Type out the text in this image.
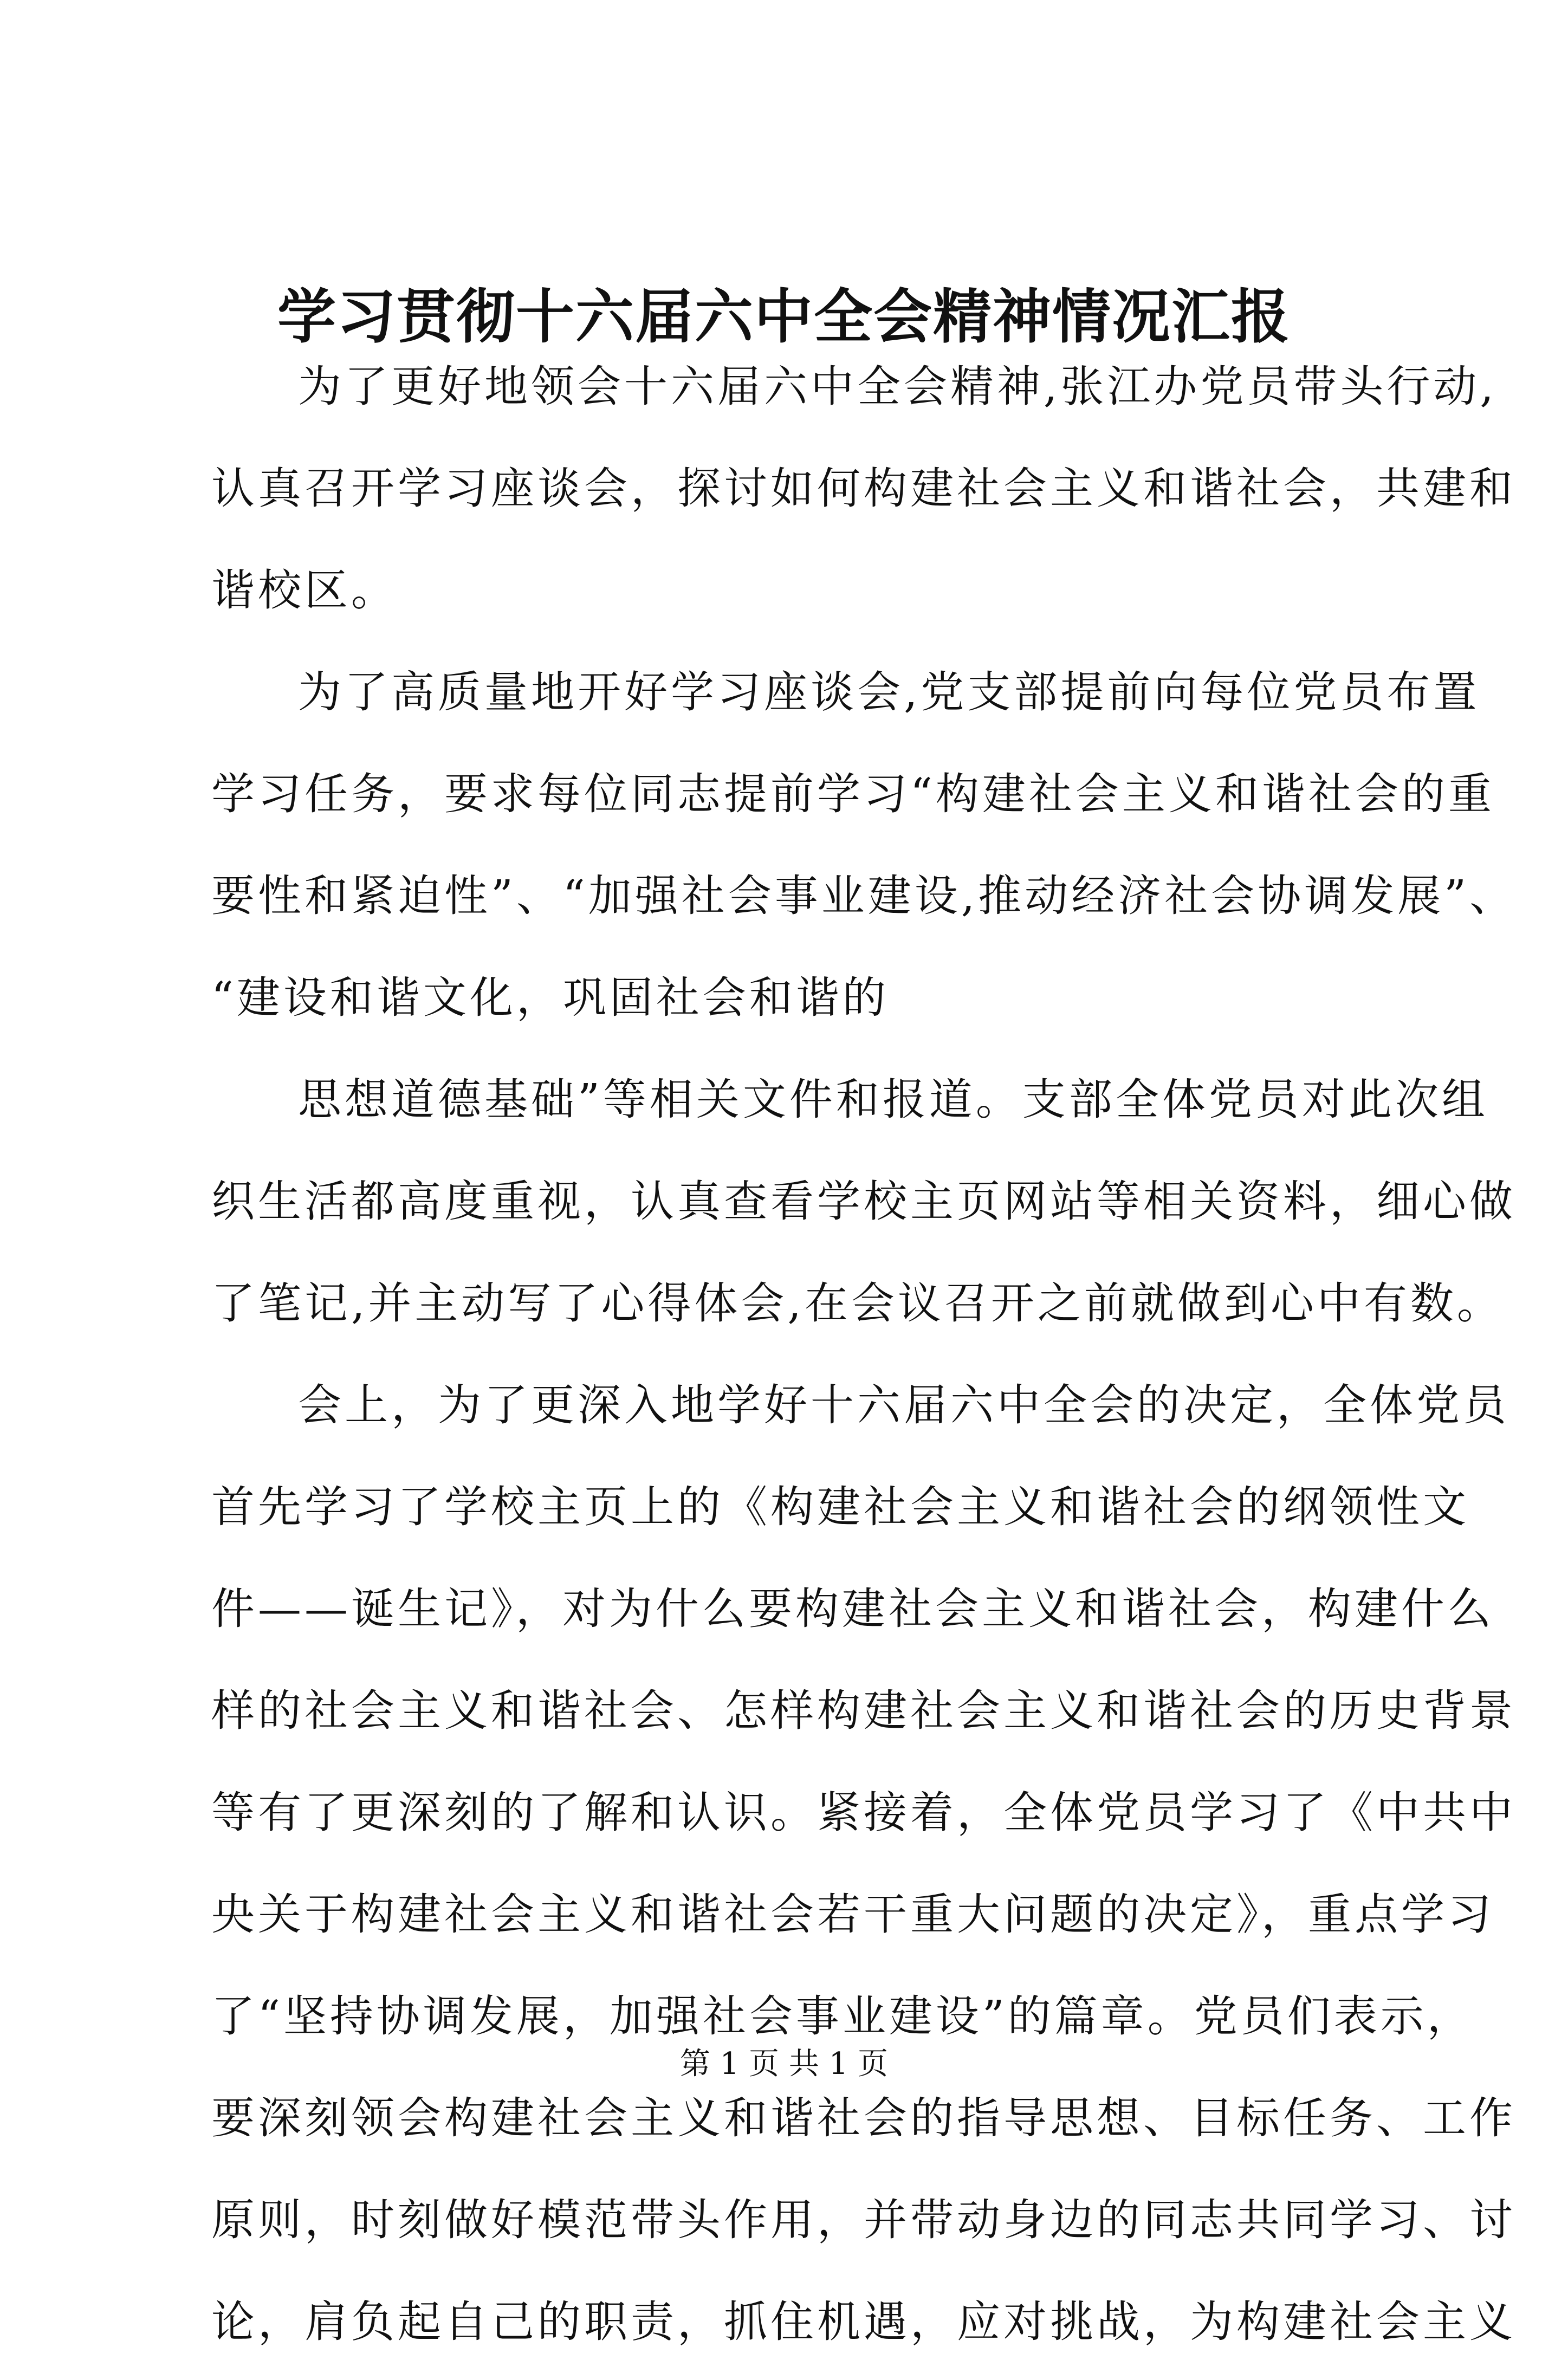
学习贯彻十六届六中全会精神情况汇报
为了更好地领会十六届六中全会精神,张江办党员带头行动,
认真召开学习座谈会，探讨如何构建社会主义和谐社会，共建和
谐校区。
为了高质量地开好学习座谈会,党支部提前向每位党员布置
学习任务，要求每位同志提前学习“构建社会主义和谐社会的重
要性和紧迫性”、“加强社会事业建设,推动经济社会协调发展”、
“建设和谐文化，巩固社会和谐的
思想道德基础”等相关文件和报道。支部全体党员对此次组
织生活都高度重视，认真查看学校主页网站等相关资料，细心做
了笔记,并主动写了心得体会,在会议召开之前就做到心中有数。
会上，为了更深入地学好十六届六中全会的决定，全体党员
首先学习了学校主页上的《构建社会主义和谐社会的纲领性文
件——诞生记》，对为什么要构建社会主义和谐社会，构建什么
样的社会主义和谐社会、怎样构建社会主义和谐社会的历史背景
等有了更深刻的了解和认识。紧接着，全体党员学习了《中共中
央关于构建社会主义和谐社会若干重大问题的决定》，重点学习
了“坚持协调发展，加强社会事业建设”的篇章。党员们表示，
要深刻领会构建社会主义和谐社会的指导思想、目标任务、工作
原则，时刻做好模范带头作用，并带动身边的同志共同学习、讨
论，肩负起自己的职责，抓住机遇，应对挑战，为构建社会主义
第 1 页 共 1 页
